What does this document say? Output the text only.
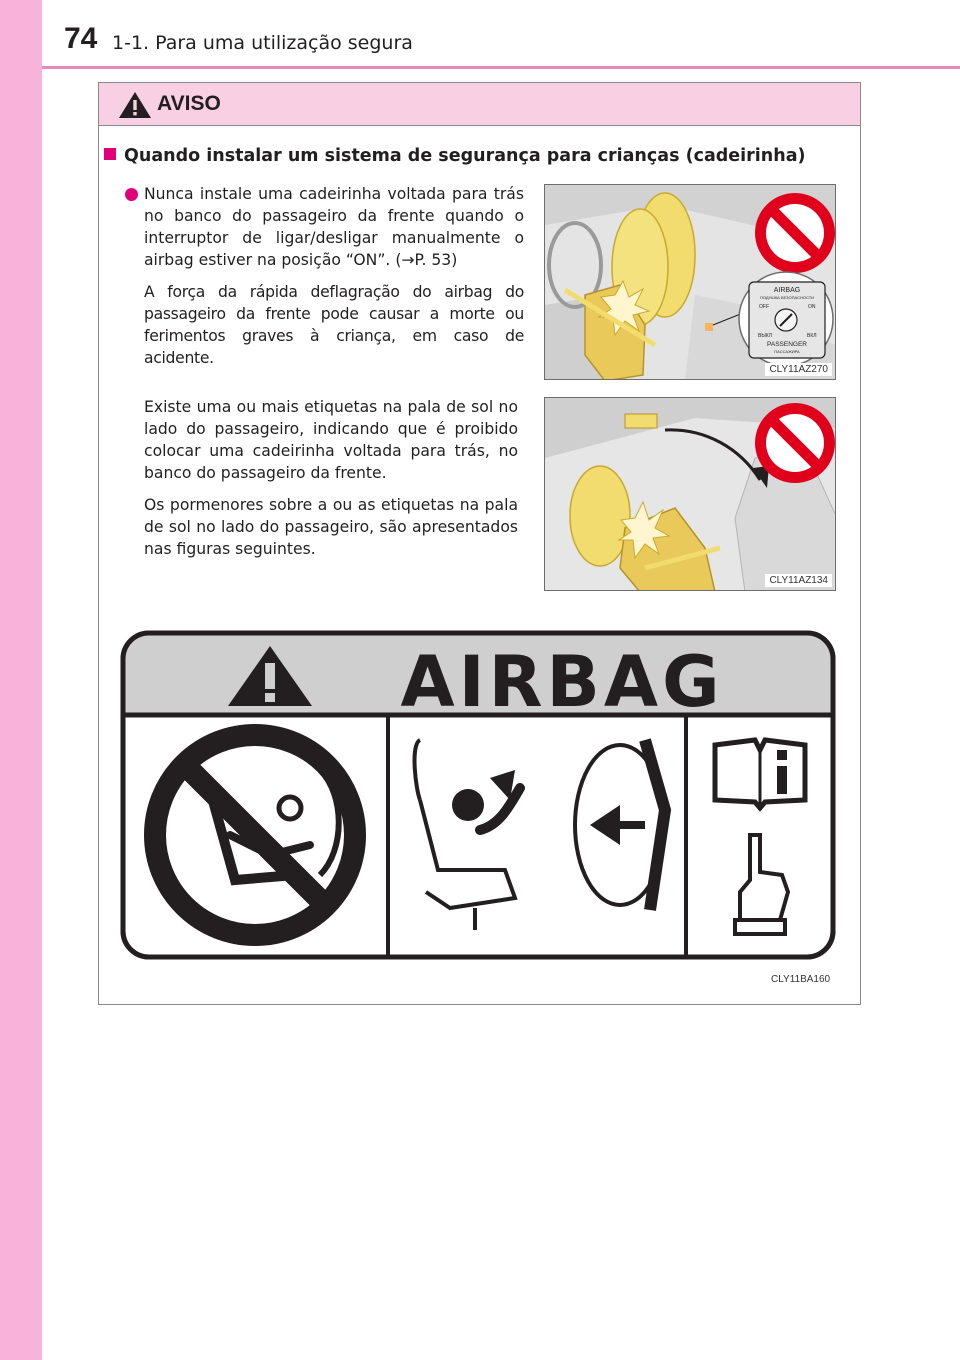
74 1-1. Para uma utilização segura
AVISO
Quando instalar um sistema de segurança para crianças (cadeirinha)
Nunca instale uma cadeirinha voltada para trás no banco do passageiro da frente quando o interruptor de ligar/desligar manualmente o airbag estiver na posição “ON”. (→P. 53)
A força da rápida deflagração do airbag do passageiro da frente pode causar a morte ou ferimentos graves à criança, em caso de acidente.
Existe uma ou mais etiquetas na pala de sol no lado do passageiro, indicando que é proibido colocar uma cadeirinha voltada para trás, no banco do passageiro da frente.
Os pormenores sobre a ou as etiquetas na pala de sol no lado do passageiro, são apresentados nas figuras seguintes.
AIRBAG
ПОДУШКА БЕЗОПАСНОСТИ
OFF	ON
ВЫКЛ	ВКЛ
PASSENGER
ПАССАЖИРА
CLY11AZ270
CLY11AZ134
AIRBAG
CLY11BA160
